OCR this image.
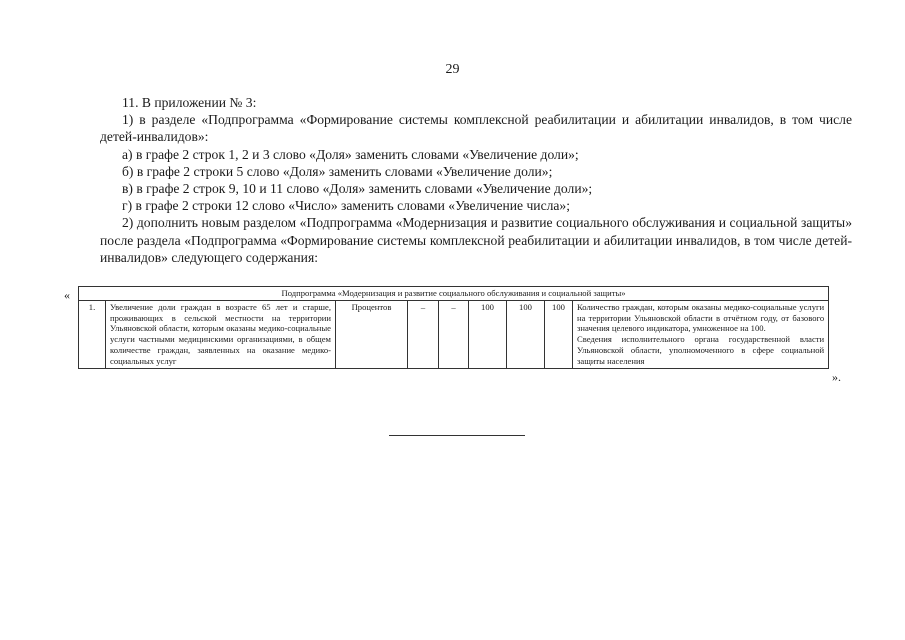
29

11. В приложении № 3:

1) в разделе «Подпрограмма «Формирование системы комплексной реабилитации и абилитации инвалидов, в том числе детей-инвалидов»:

а) в графе 2 строк 1, 2 и 3 слово «Доля» заменить словами «Увеличение доли»;

б) в графе 2 строки 5 слово «Доля» заменить словами «Увеличение доли»;

в) в графе 2 строк 9, 10 и 11 слово «Доля» заменить словами «Увеличение доли»;

г) в графе 2 строки 12 слово «Число» заменить словами «Увеличение числа»;

2) дополнить новым разделом «Подпрограмма «Модернизация и развитие социального обслуживания и социальной защиты» после раздела «Подпрограмма «Формирование системы комплексной реабилитации и абилитации инвалидов, в том числе детей-инвалидов» следующего содержания:

«	Подпрограмма «Модернизация и развитие социального обслуживания и социальной защиты»
1.	Увеличение доли граждан в возрасте 65 лет и старше, проживающих в сельской местности на территории Ульяновской области, которым оказаны медико-социальные услуги частными медицинскими организациями, в общем количестве граждан, заявленных на оказание медико-социальных услуг	Процентов	–	–	100	100	100	Количество граждан, которым оказаны медико-социальные услуги на территории Ульяновской области в отчётном году, от базового значения целевого индикатора, умноженное на 100.
Сведения исполнительного органа государственной власти Ульяновской области, уполномоченного в сфере социальной защиты населения
».
